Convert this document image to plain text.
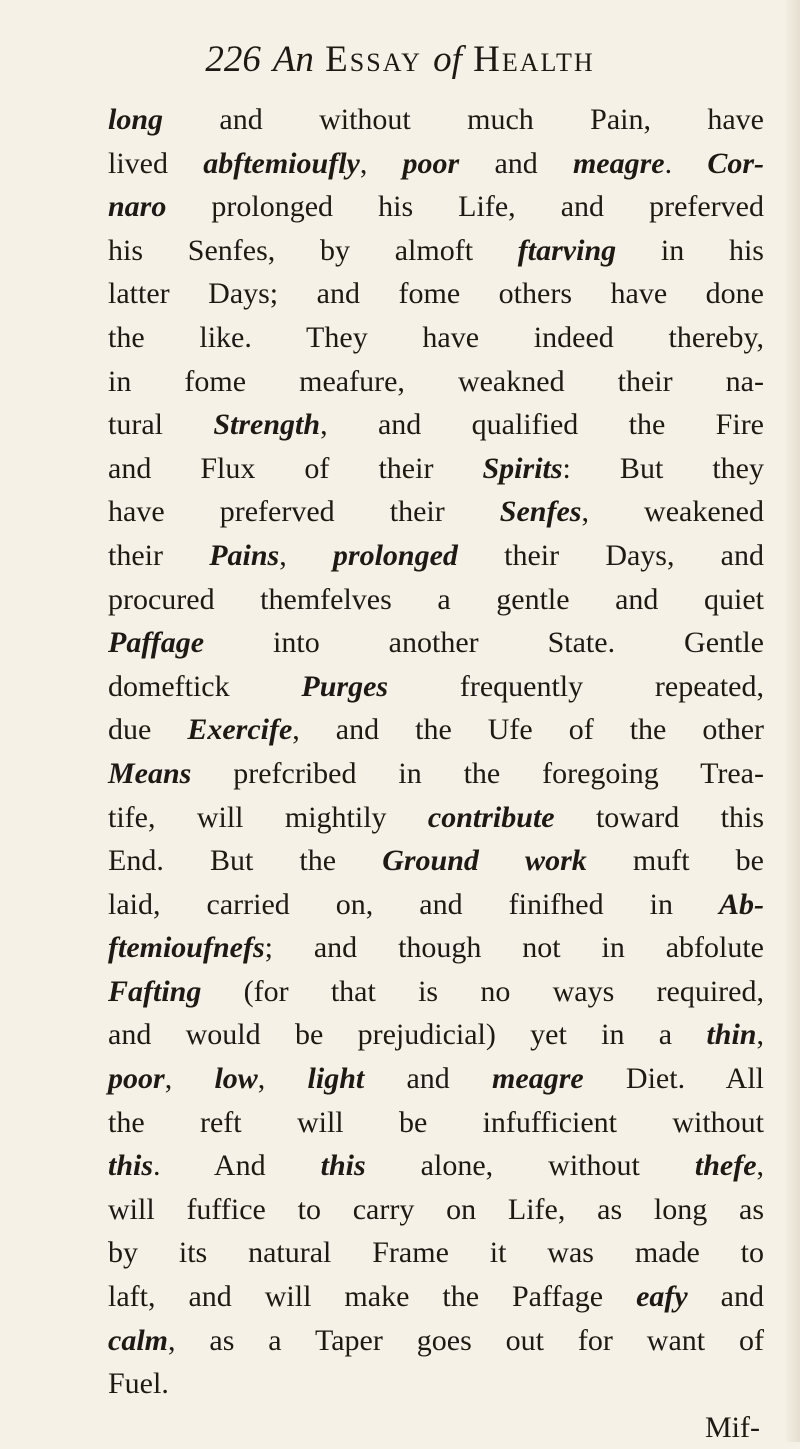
226 An Essay of Health
long and without much Pain, have
lived abftemioufly, poor and meagre. Cor-
naro prolonged his Life, and preferved
his Senfes, by almoft ftarving in his
latter Days; and fome others have done
the like. They have indeed thereby,
in fome meafure, weakned their na-
tural Strength, and qualified the Fire
and Flux of their Spirits: But they
have preferved their Senfes, weakened
their Pains, prolonged their Days, and
procured themfelves a gentle and quiet
Paffage into another State. Gentle
domeftick Purges frequently repeated,
due Exercife, and the Ufe of the other
Means prefcribed in the foregoing Trea-
tife, will mightily contribute toward this
End. But the Ground work muft be
laid, carried on, and finifhed in Ab-
ftemioufnefs; and though not in abfolute
Fafting (for that is no ways required,
and would be prejudicial) yet in a thin,
poor, low, light and meagre Diet. All
the reft will be infufficient without
this. And this alone, without thefe,
will fuffice to carry on Life, as long as
by its natural Frame it was made to
laft, and will make the Paffage eafy and
calm, as a Taper goes out for want of
Fuel.
Mif-
